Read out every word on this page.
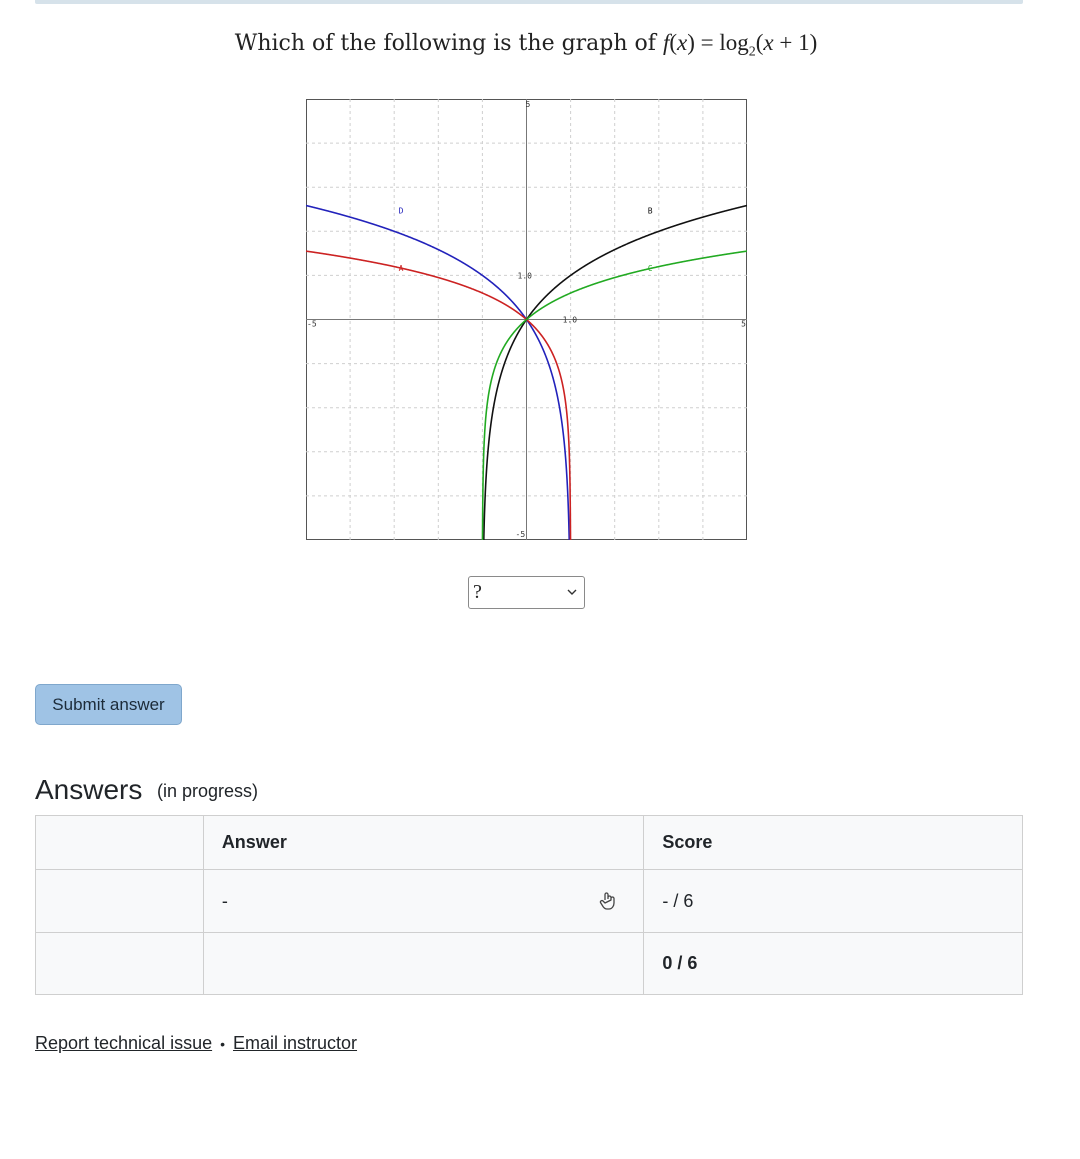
Which of the following is the graph of $f(x) = \log_2(x + 1)$
-5	5
5
-5
1.0
1.0
D
A
B
C
?
Submit answer
Answers (in progress)
	Answer	Score
	-	- / 6
		0 / 6
Report technical issue • Email instructor
